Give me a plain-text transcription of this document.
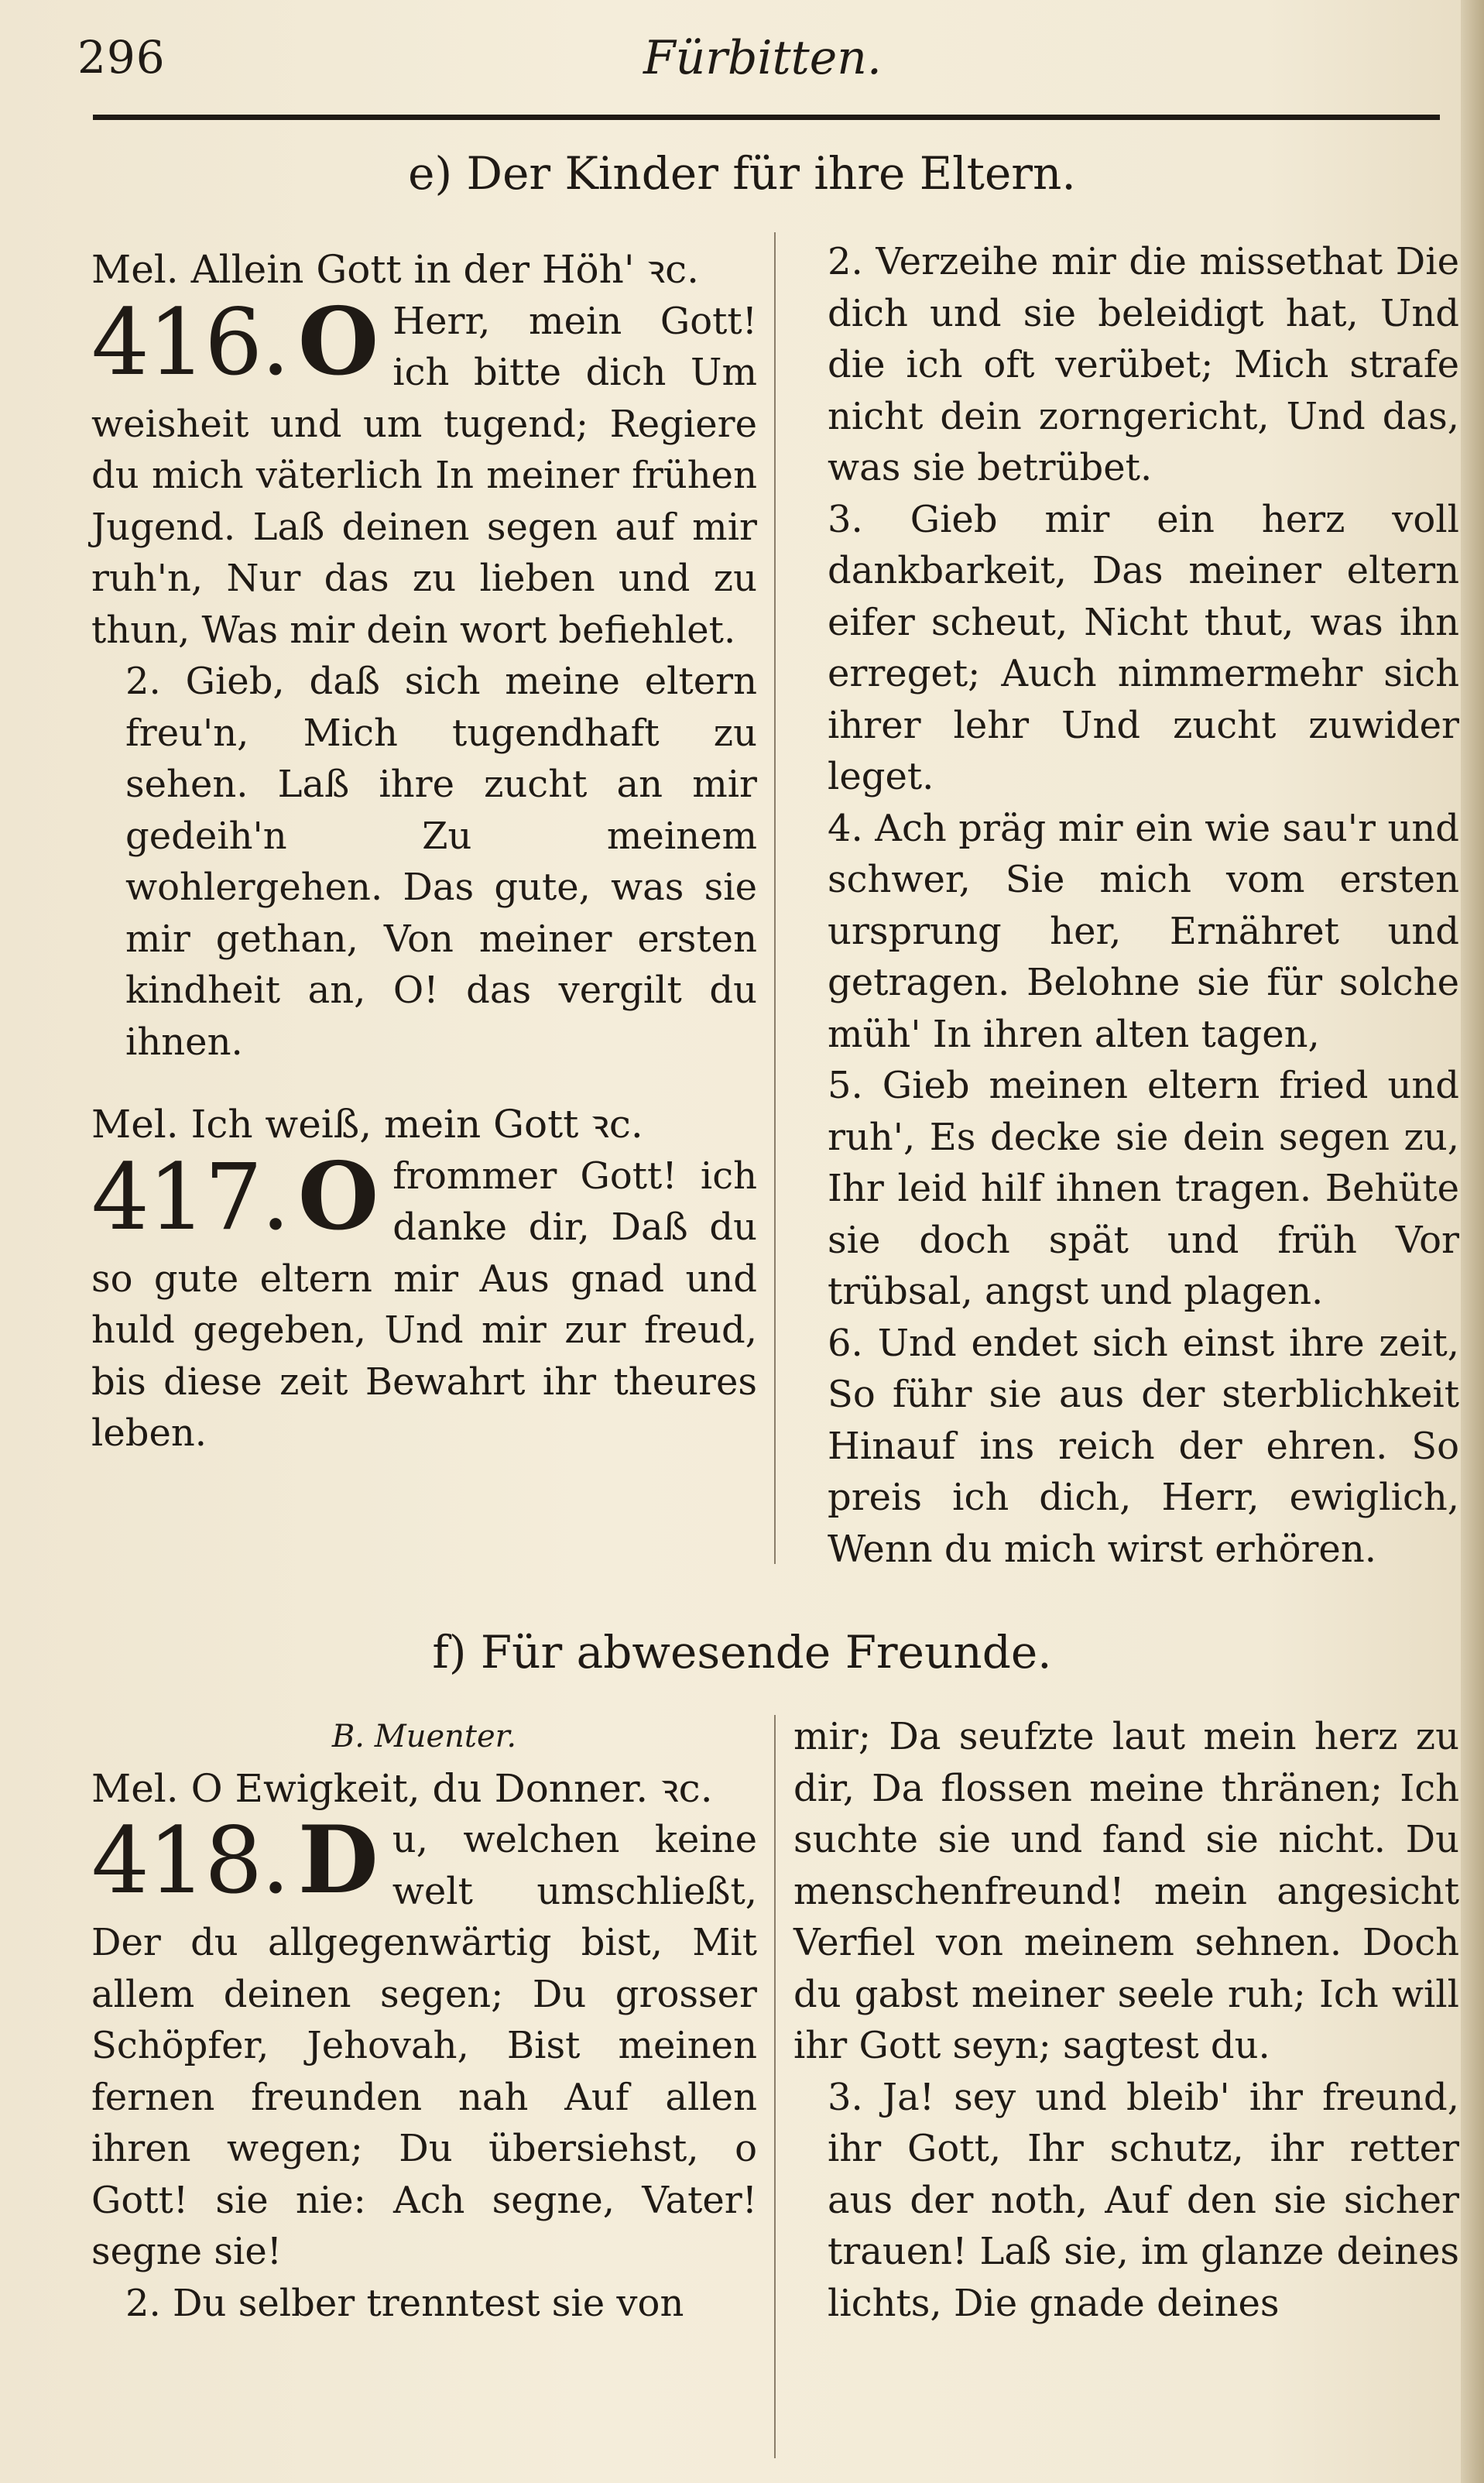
296	Fürbitten.
e) Der Kinder für ihre Eltern.

Mel. Allein Gott in der Höh' ꝛc.

416. O Herr, mein Gott! ich bitte dich Um weisheit und um tugend; Regiere du mich väterlich In meiner frühen Jugend. Laß deinen segen auf mir ruh'n, Nur das zu lieben und zu thun, Was mir dein wort befiehlet.

2. Gieb, daß sich meine eltern freu'n, Mich tugendhaft zu sehen. Laß ihre zucht an mir gedeih'n Zu meinem wohlergehen. Das gute, was sie mir gethan, Von meiner ersten kindheit an, O! das vergilt du ihnen.

Mel. Ich weiß, mein Gott ꝛc.

417. O frommer Gott! ich danke dir, Daß du so gute eltern mir Aus gnad und huld gegeben, Und mir zur freud, bis diese zeit Bewahrt ihr theures leben.

2. Verzeihe mir die missethat Die dich und sie beleidigt hat, Und die ich oft verübet; Mich strafe nicht dein zorngericht, Und das, was sie betrübet.

3. Gieb mir ein herz voll dankbarkeit, Das meiner eltern eifer scheut, Nicht thut, was ihn erreget; Auch nimmermehr sich ihrer lehr Und zucht zuwider leget.

4. Ach präg mir ein wie sau'r und schwer, Sie mich vom ersten ursprung her, Ernähret und getragen. Belohne sie für solche müh' In ihren alten tagen,

5. Gieb meinen eltern fried und ruh', Es decke sie dein segen zu, Ihr leid hilf ihnen tragen. Behüte sie doch spät und früh Vor trübsal, angst und plagen.

6. Und endet sich einst ihre zeit, So führ sie aus der sterblichkeit Hinauf ins reich der ehren. So preis ich dich, Herr, ewiglich, Wenn du mich wirst erhören.

f) Für abwesende Freunde.
B. Muenter.

Mel. O Ewigkeit, du Donner. ꝛc.

418. D u, welchen keine welt umschließt, Der du allgegenwärtig bist, Mit allem deinen segen; Du grosser Schöpfer, Jehovah, Bist meinen fernen freunden nah Auf allen ihren wegen; Du übersiehst, o Gott! sie nie: Ach segne, Vater! segne sie!

2. Du selber trenntest sie von

mir; Da seufzte laut mein herz zu dir, Da flossen meine thränen; Ich suchte sie und fand sie nicht. Du menschenfreund! mein angesicht Verfiel von meinem sehnen. Doch du gabst meiner seele ruh; Ich will ihr Gott seyn; sagtest du.

3. Ja! sey und bleib' ihr freund, ihr Gott, Ihr schutz, ihr retter aus der noth, Auf den sie sicher trauen! Laß sie, im glanze deines lichts, Die gnade deines
